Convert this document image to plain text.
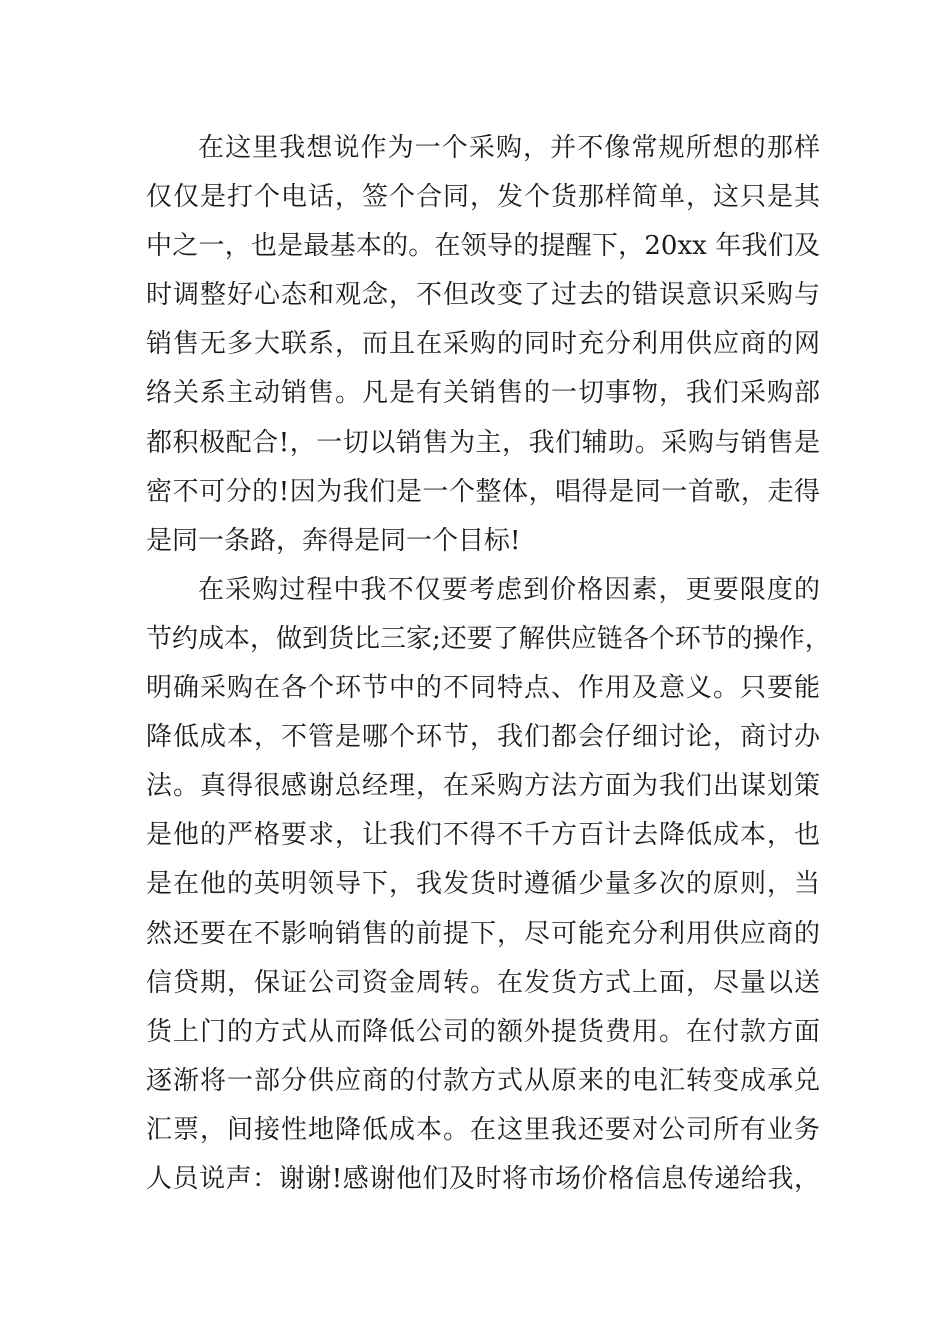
在这里我想说作为一个采购，并不像常规所想的那样
仅仅是打个电话，签个合同，发个货那样简单，这只是其
中之一，也是最基本的。在领导的提醒下，20xx 年我们及
时调整好心态和观念，不但改变了过去的错误意识采购与
销售无多大联系，而且在采购的同时充分利用供应商的网
络关系主动销售。凡是有关销售的一切事物，我们采购部
都积极配合!，一切以销售为主，我们辅助。采购与销售是
密不可分的!因为我们是一个整体，唱得是同一首歌，走得
是同一条路，奔得是同一个目标!
在采购过程中我不仅要考虑到价格因素，更要限度的
节约成本，做到货比三家;还要了解供应链各个环节的操作，
明确采购在各个环节中的不同特点、作用及意义。只要能
降低成本，不管是哪个环节，我们都会仔细讨论，商讨办
法。真得很感谢总经理，在采购方法方面为我们出谋划策
是他的严格要求，让我们不得不千方百计去降低成本，也
是在他的英明领导下，我发货时遵循少量多次的原则，当
然还要在不影响销售的前提下，尽可能充分利用供应商的
信贷期，保证公司资金周转。在发货方式上面，尽量以送
货上门的方式从而降低公司的额外提货费用。在付款方面
逐渐将一部分供应商的付款方式从原来的电汇转变成承兑
汇票，间接性地降低成本。在这里我还要对公司所有业务
人员说声：谢谢!感谢他们及时将市场价格信息传递给我，
